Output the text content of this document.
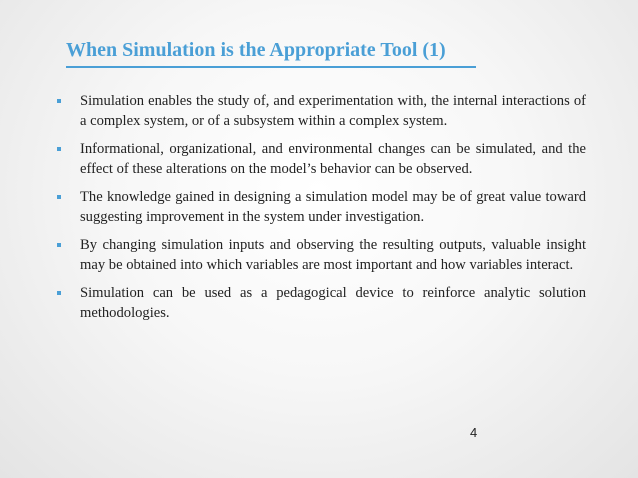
When Simulation is the Appropriate Tool (1)
Simulation enables the study of, and experimentation with, the internal interactions of a complex system, or of a subsystem within a complex system.
Informational, organizational, and environmental changes can be simulated, and the effect of these alterations on the model’s behavior can be observed.
The knowledge gained in designing a simulation model may be of great value toward suggesting improvement in the system under investigation.
By changing simulation inputs and observing the resulting outputs, valuable insight may be obtained into which variables are most important and how variables interact.
Simulation can be used as a pedagogical device to reinforce analytic solution methodologies.
4
